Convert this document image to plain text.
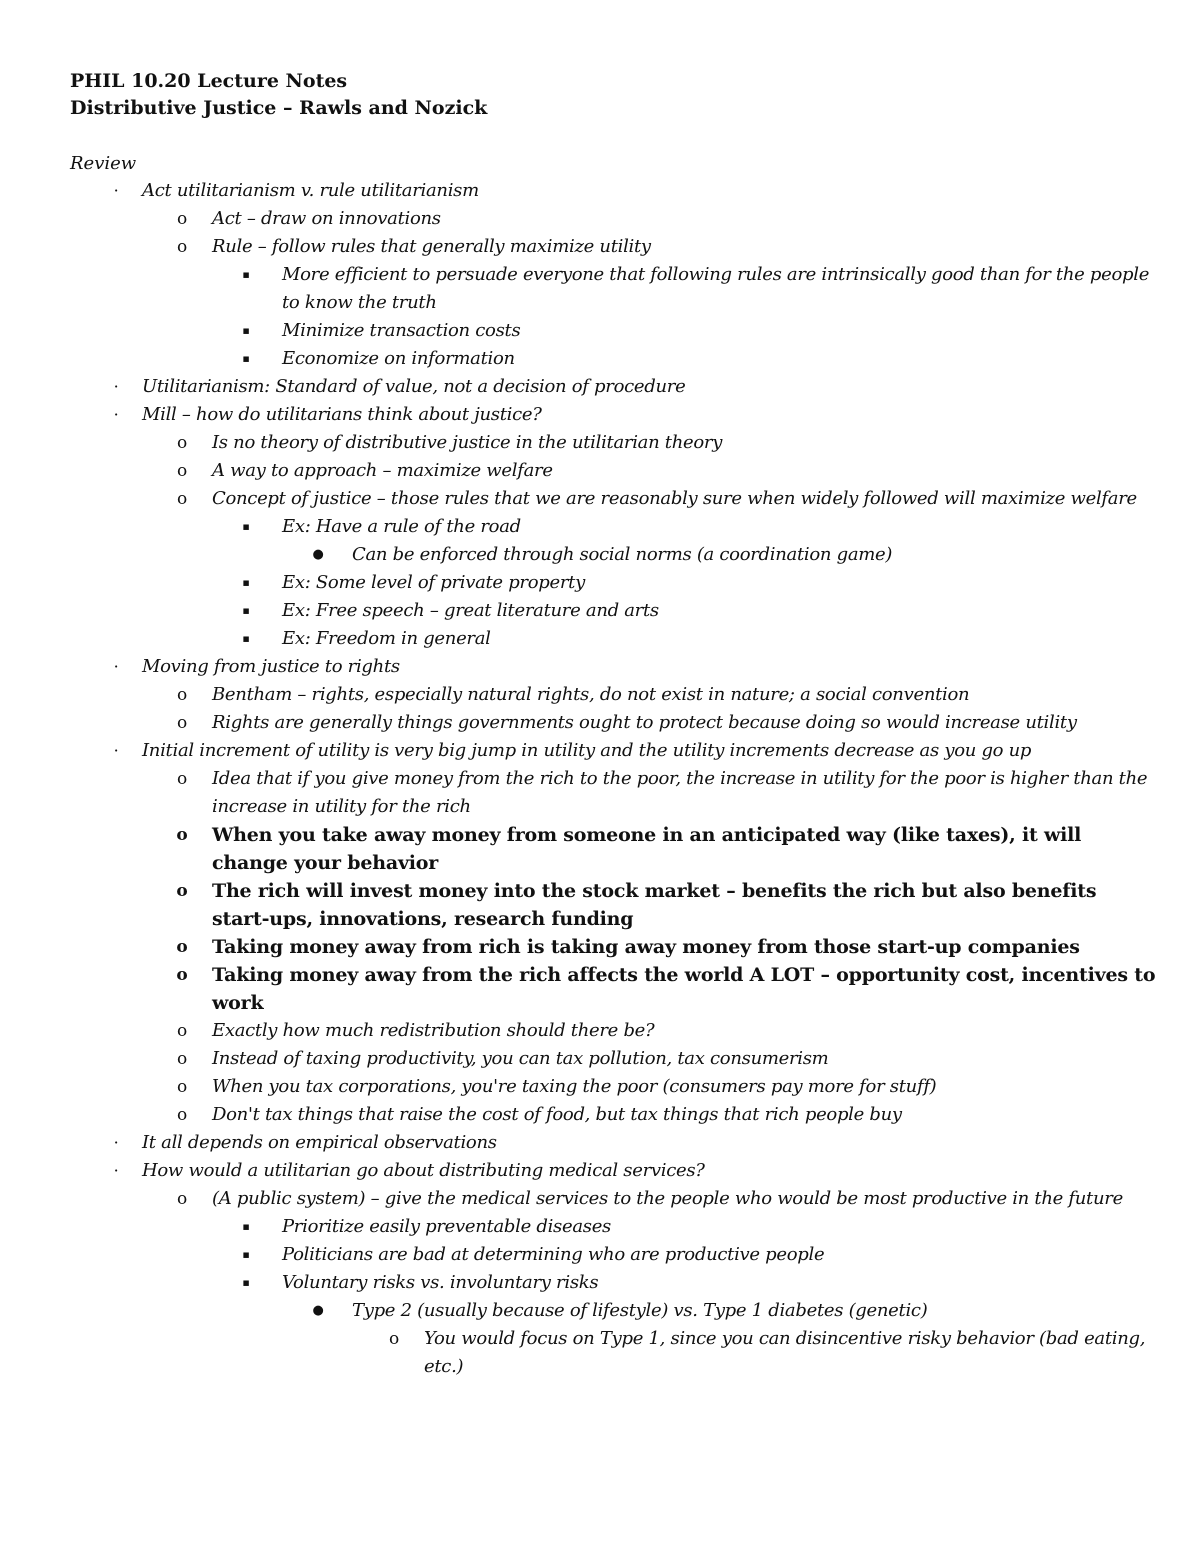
PHIL 10.20 Lecture Notes
Distributive Justice – Rawls and Nozick
Review
·	Act utilitarianism v. rule utilitarianism
o Act – draw on innovations
o Rule – follow rules that generally maximize utility
▪	More efficient to persuade everyone that following rules are intrinsically good than for the people to know the truth
▪	Minimize transaction costs
▪	Economize on information
·	Utilitarianism: Standard of value, not a decision of procedure
·	Mill – how do utilitarians think about justice?
o Is no theory of distributive justice in the utilitarian theory
o A way to approach – maximize welfare
o Concept of justice – those rules that we are reasonably sure when widely followed will maximize welfare
▪	Ex: Have a rule of the road
● Can be enforced through social norms (a coordination game)
▪	Ex: Some level of private property
▪	Ex: Free speech – great literature and arts
▪	Ex: Freedom in general
·	Moving from justice to rights
o Bentham – rights, especially natural rights, do not exist in nature; a social convention
o Rights are generally things governments ought to protect because doing so would increase utility
·	Initial increment of utility is very big jump in utility and the utility increments decrease as you go up
o Idea that if you give money from the rich to the poor, the increase in utility for the poor is higher than the increase in utility for the rich
o When you take away money from someone in an anticipated way (like taxes), it will change your behavior
o The rich will invest money into the stock market – benefits the rich but also benefits start-ups, innovations, research funding
o Taking money away from rich is taking away money from those start-up companies
o Taking money away from the rich affects the world A LOT – opportunity cost, incentives to work
o Exactly how much redistribution should there be?
o Instead of taxing productivity, you can tax pollution, tax consumerism
o When you tax corporations, you're taxing the poor (consumers pay more for stuff)
o Don't tax things that raise the cost of food, but tax things that rich people buy
·	It all depends on empirical observations
·	How would a utilitarian go about distributing medical services?
o (A public system) – give the medical services to the people who would be most productive in the future
▪	Prioritize easily preventable diseases
▪	Politicians are bad at determining who are productive people
▪	Voluntary risks vs. involuntary risks
● Type 2 (usually because of lifestyle) vs. Type 1 diabetes (genetic)
o You would focus on Type 1, since you can disincentive risky behavior (bad eating, etc.)
